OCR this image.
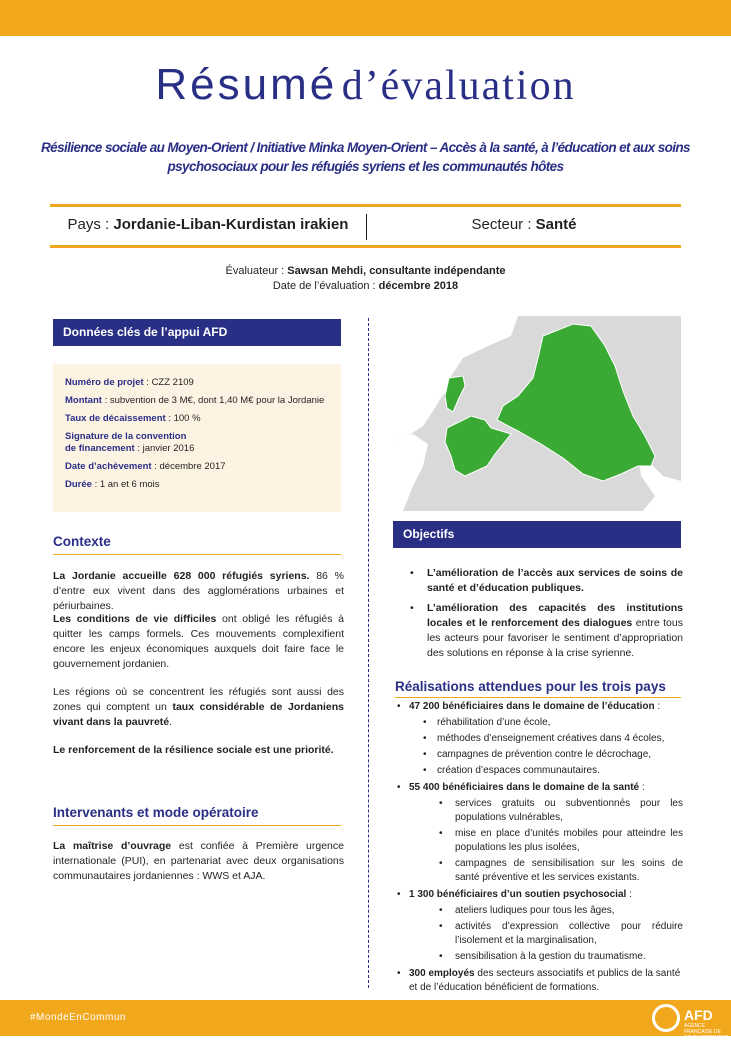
Résumé d’évaluation
Résilience sociale au Moyen-Orient / Initiative Minka Moyen-Orient – Accès à la santé, à l’éducation et aux soins psychosociaux pour les réfugiés syriens et les communautés hôtes
Pays : Jordanie-Liban-Kurdistan irakien	Secteur : Santé
Évaluateur : Sawsan Mehdi, consultante indépendante
Date de l’évaluation : décembre 2018
Données clés de l’appui AFD
Numéro de projet : CZZ 2109
Montant : subvention de 3 M€, dont 1,40 M€ pour la Jordanie
Taux de décaissement : 100 %
Signature de la convention
de financement : janvier 2016
Date d’achèvement : décembre 2017
Durée : 1 an et 6 mois
Objectifs
Contexte
La Jordanie accueille 628 000 réfugiés syriens. 86 % d’entre eux vivent dans des agglomérations urbaines et périurbaines.
Les conditions de vie difficiles ont obligé les réfugiés à quitter les camps formels. Ces mouvements complexifient encore les enjeux économiques auxquels doit faire face le gouvernement jordanien.
Les régions où se concentrent les réfugiés sont aussi des zones qui comptent un taux considérable de Jordaniens vivant dans la pauvreté.
Le renforcement de la résilience sociale est une priorité.
Intervenants et mode opératoire
La maîtrise d’ouvrage est confiée à Première urgence internationale (PUI), en partenariat avec deux organisations communautaires jordaniennes : WWS et AJA.
• L’amélioration de l’accès aux services de soins de santé et d’éducation publiques.
• L’amélioration des capacités des institutions locales et le renforcement des dialogues entre tous les acteurs pour favoriser le sentiment d’appropriation des solutions en réponse à la crise syrienne.
Réalisations attendues pour les trois pays
• 47 200 bénéficiaires dans le domaine de l’éducation :
• réhabilitation d’une école,
• méthodes d’enseignement créatives dans 4 écoles,
• campagnes de prévention contre le décrochage,
• création d’espaces communautaires.
• 55 400 bénéficiaires dans le domaine de la santé :
• services gratuits ou subventionnés pour les populations vulnérables,
• mise en place d’unités mobiles pour atteindre les populations les plus isolées,
• campagnes de sensibilisation sur les soins de santé préventive et les services existants.
• 1 300 bénéficiaires d’un soutien psychosocial :
• ateliers ludiques pour tous les âges,
• activités d’expression collective pour réduire l’isolement et la marginalisation,
• sensibilisation à la gestion du traumatisme.
• 300 employés des secteurs associatifs et publics de la santé et de l’éducation bénéficient de formations.
#MondeEnCommun	AFD
AGENCE FRANÇAISE DE DÉVELOPPEMENT
